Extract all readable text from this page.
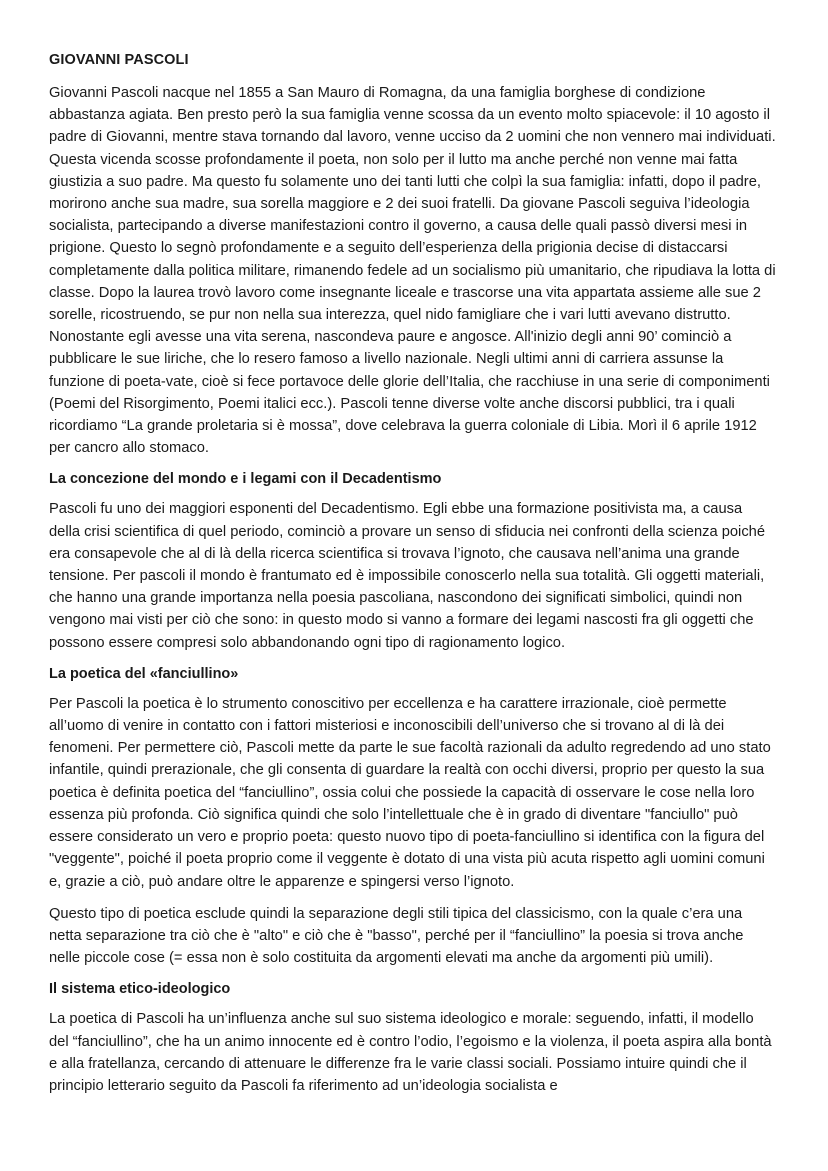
GIOVANNI PASCOLI

Giovanni Pascoli nacque nel 1855 a San Mauro di Romagna, da una famiglia borghese di condizione abbastanza agiata. Ben presto però la sua famiglia venne scossa da un evento molto spiacevole: il 10 agosto il padre di Giovanni, mentre stava tornando dal lavoro, venne ucciso da 2 uomini che non vennero mai individuati. Questa vicenda scosse profondamente il poeta, non solo per il lutto ma anche perché non venne mai fatta giustizia a suo padre. Ma questo fu solamente uno dei tanti lutti che colpì la sua famiglia: infatti, dopo il padre, morirono anche sua madre, sua sorella maggiore e 2 dei suoi fratelli. Da giovane Pascoli seguiva l’ideologia socialista, partecipando a diverse manifestazioni contro il governo, a causa delle quali passò diversi mesi in prigione. Questo lo segnò profondamente e a seguito dell’esperienza della prigionia decise di distaccarsi completamente dalla politica militare, rimanendo fedele ad un socialismo più umanitario, che ripudiava la lotta di classe. Dopo la laurea trovò lavoro come insegnante liceale e trascorse una vita appartata assieme alle sue 2 sorelle, ricostruendo, se pur non nella sua interezza, quel nido famigliare che i vari lutti avevano distrutto. Nonostante egli avesse una vita serena, nascondeva paure e angosce. All'inizio degli anni 90’ cominciò a pubblicare le sue liriche, che lo resero famoso a livello nazionale. Negli ultimi anni di carriera assunse la funzione di poeta-vate, cioè si fece portavoce delle glorie dell’Italia, che racchiuse in una serie di componimenti (Poemi del Risorgimento, Poemi italici ecc.). Pascoli tenne diverse volte anche discorsi pubblici, tra i quali ricordiamo “La grande proletaria si è mossa”, dove celebrava la guerra coloniale di Libia. Morì il 6 aprile 1912 per cancro allo stomaco.

La concezione del mondo e i legami con il Decadentismo

Pascoli fu uno dei maggiori esponenti del Decadentismo. Egli ebbe una formazione positivista ma, a causa della crisi scientifica di quel periodo, cominciò a provare un senso di sfiducia nei confronti della scienza poiché era consapevole che al di là della ricerca scientifica si trovava l’ignoto, che causava nell’anima una grande tensione. Per pascoli il mondo è frantumato ed è impossibile conoscerlo nella sua totalità. Gli oggetti materiali, che hanno una grande importanza nella poesia pascoliana, nascondono dei significati simbolici, quindi non vengono mai visti per ciò che sono: in questo modo si vanno a formare dei legami nascosti fra gli oggetti che possono essere compresi solo abbandonando ogni tipo di ragionamento logico.

La poetica del «fanciullino»

Per Pascoli la poetica è lo strumento conoscitivo per eccellenza e ha carattere irrazionale, cioè permette all’uomo di venire in contatto con i fattori misteriosi e inconoscibili dell’universo che si trovano al di là dei fenomeni. Per permettere ciò, Pascoli mette da parte le sue facoltà razionali da adulto regredendo ad uno stato infantile, quindi prerazionale, che gli consenta di guardare la realtà con occhi diversi, proprio per questo la sua poetica è definita poetica del “fanciullino”, ossia colui che possiede la capacità di osservare le cose nella loro essenza più profonda. Ciò significa quindi che solo l’intellettuale che è in grado di diventare "fanciullo" può essere considerato un vero e proprio poeta: questo nuovo tipo di poeta-fanciullino si identifica con la figura del "veggente", poiché il poeta proprio come il veggente è dotato di una vista più acuta rispetto agli uomini comuni e, grazie a ciò, può andare oltre le apparenze e spingersi verso l’ignoto.

Questo tipo di poetica esclude quindi la separazione degli stili tipica del classicismo, con la quale c’era una netta separazione tra ciò che è "alto" e ciò che è "basso", perché per il “fanciullino” la poesia si trova anche nelle piccole cose (= essa non è solo costituita da argomenti elevati ma anche da argomenti più umili).

Il sistema etico-ideologico

La poetica di Pascoli ha un’influenza anche sul suo sistema ideologico e morale: seguendo, infatti, il modello del “fanciullino”, che ha un animo innocente ed è contro l’odio, l’egoismo e la violenza, il poeta aspira alla bontà e alla fratellanza, cercando di attenuare le differenze fra le varie classi sociali. Possiamo intuire quindi che il principio letterario seguito da Pascoli fa riferimento ad un’ideologia socialista e
